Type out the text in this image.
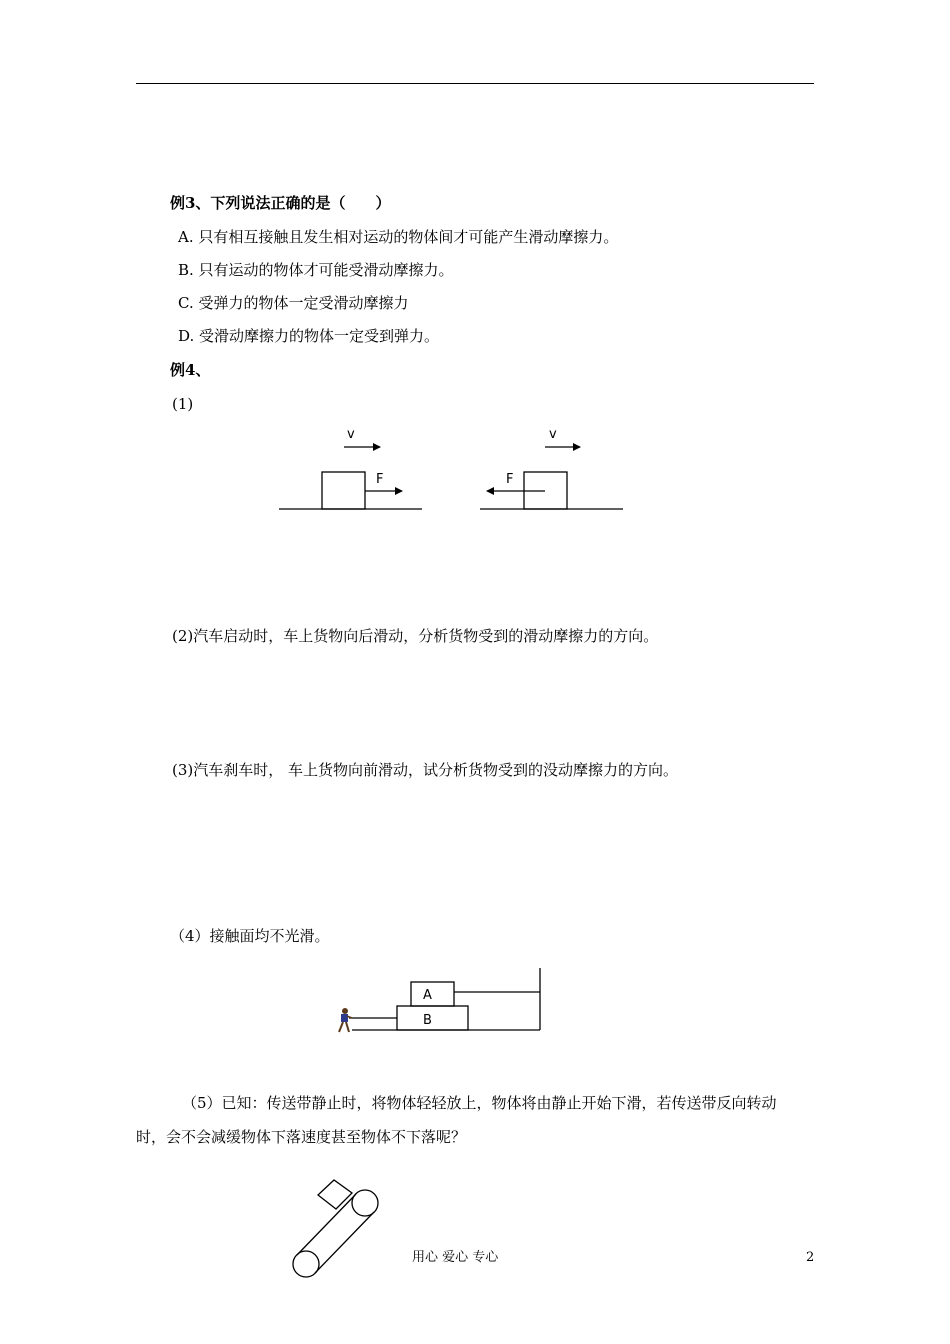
例3、下列说法正确的是（　　）
A. 只有相互接触且发生相对运动的物体间才可能产生滑动摩擦力。
B. 只有运动的物体才可能受滑动摩擦力。
C. 受弹力的物体一定受滑动摩擦力
D. 受滑动摩擦力的物体一定受到弹力。
例4、
(1)
v
F
v
F
(2)汽车启动时，车上货物向后滑动，分析货物受到的滑动摩擦力的方向。
(3)汽车刹车时， 车上货物向前滑动，试分析货物受到的没动摩擦力的方向。
（4）接触面均不光滑。
A
B
（5）已知：传送带静止时，将物体轻轻放上，物体将由静止开始下滑，若传送带反向转动
时，会不会减缓物体下落速度甚至物体不下落呢？
用心 爱心 专心	2
